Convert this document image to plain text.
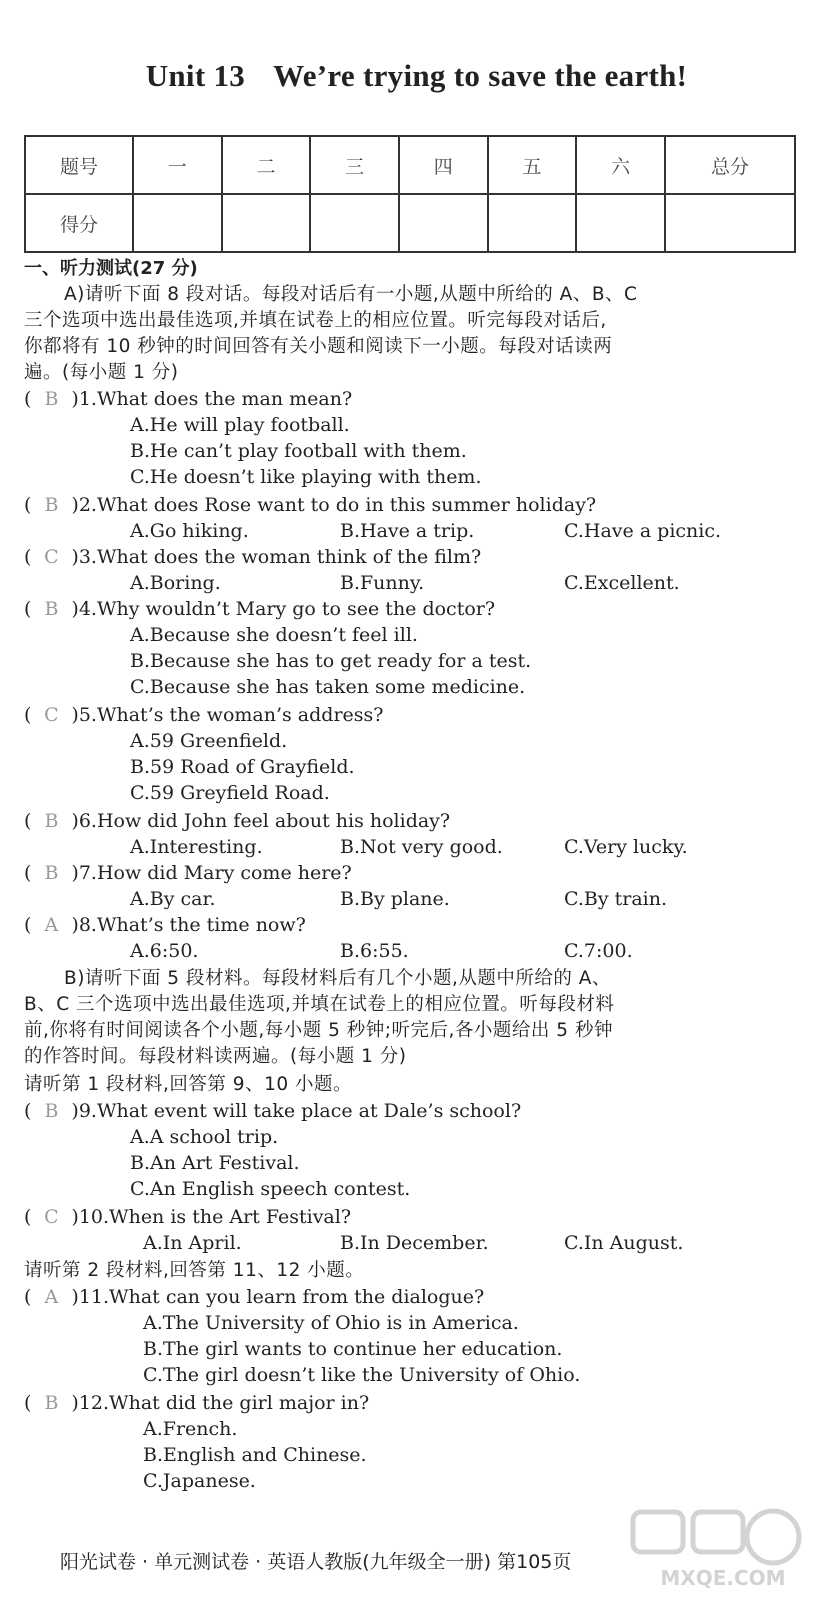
Unit 13 We’re trying to save the earth!
题号	一	二	三	四	五	六	总分
得分							
一、听力测试(27 分)
A)请听下面 8 段对话。每段对话后有一小题,从题中所给的 A、B、C
三个选项中选出最佳选项,并填在试卷上的相应位置。听完每段对话后,
你都将有 10 秒钟的时间回答有关小题和阅读下一小题。每段对话读两
遍。(每小题 1 分)
( B )1.What does the man mean?
A.He will play football.
B.He can’t play football with them.
C.He doesn’t like playing with them.
( B )2.What does Rose want to do in this summer holiday?
A.Go hiking.	B.Have a trip.	C.Have a picnic.
( C )3.What does the woman think of the film?
A.Boring.	B.Funny.	C.Excellent.
( B )4.Why wouldn’t Mary go to see the doctor?
A.Because she doesn’t feel ill.
B.Because she has to get ready for a test.
C.Because she has taken some medicine.
( C )5.What’s the woman’s address?
A.59 Greenfield.
B.59 Road of Grayfield.
C.59 Greyfield Road.
( B )6.How did John feel about his holiday?
A.Interesting.	B.Not very good.	C.Very lucky.
( B )7.How did Mary come here?
A.By car.	B.By plane.	C.By train.
( A )8.What’s the time now?
A.6:50.	B.6:55.	C.7:00.
( B )9.What event will take place at Dale’s school?
A.A school trip.
B.An Art Festival.
C.An English speech contest.
( C )10.When is the Art Festival?
A.In April.	B.In December.	C.In August.
( A )11.What can you learn from the dialogue?
A.The University of Ohio is in America.
B.The girl wants to continue her education.
C.The girl doesn’t like the University of Ohio.
( B )12.What did the girl major in?
A.French.
B.English and Chinese.
C.Japanese.
B)请听下面 5 段材料。每段材料后有几个小题,从题中所给的 A、
B、C 三个选项中选出最佳选项,并填在试卷上的相应位置。听每段材料
前,你将有时间阅读各个小题,每小题 5 秒钟;听完后,各小题给出 5 秒钟
的作答时间。每段材料读两遍。(每小题 1 分)
请听第 1 段材料,回答第 9、10 小题。
请听第 2 段材料,回答第 11、12 小题。
阳光试卷 · 单元测试卷 · 英语人教版(九年级全一册) 第105页
MXQE.COM
